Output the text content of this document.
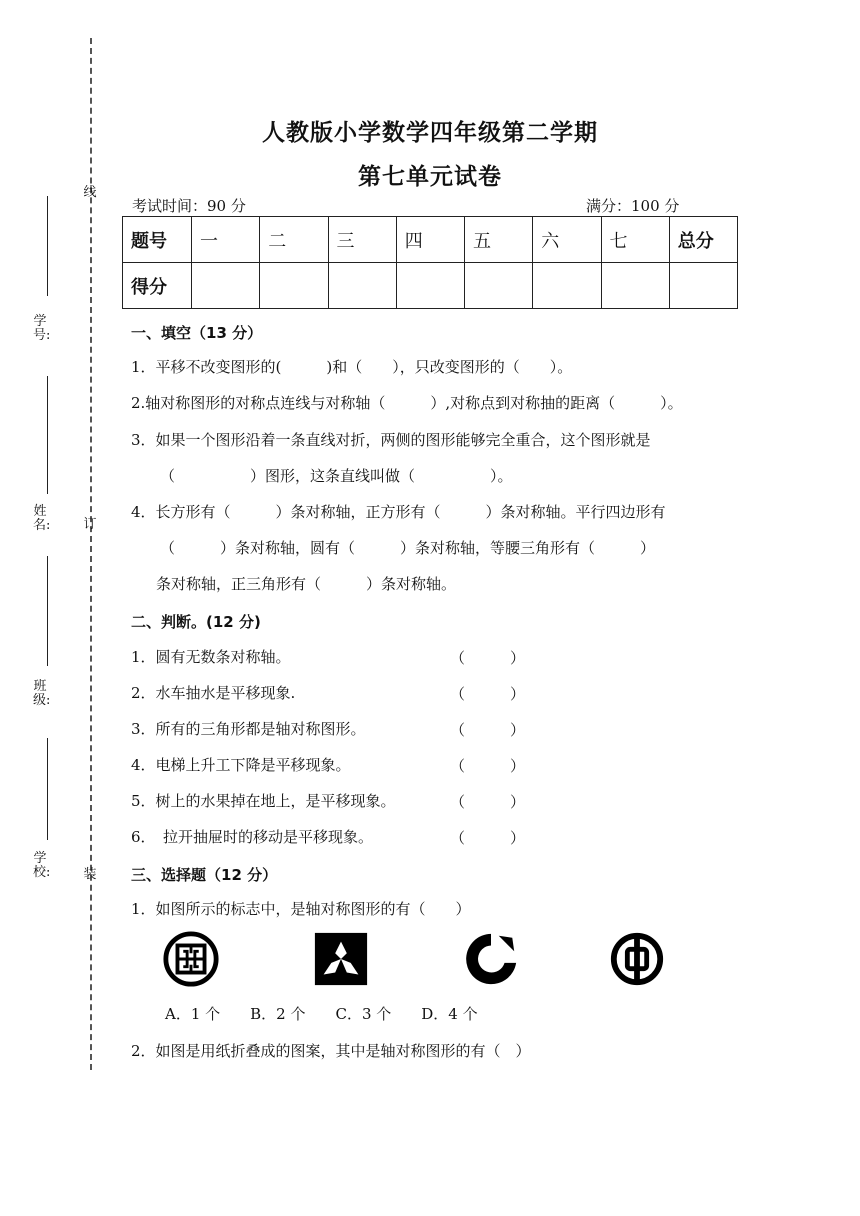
线
订
装
学号:
姓名:
班级:
学校:
人教版小学数学四年级第二学期
第七单元试卷
考试时间：90 分	满分：100 分
题号	一	二	三	四	五	六	七	总分
得分								
一、填空（13 分）
1．平移不改变图形的(　　　)和（　　），只改变图形的（　　）。
2.轴对称图形的对称点连线与对称轴（　　　）,对称点到对称抽的距离（　　　）。
3．如果一个图形沿着一条直线对折，两侧的图形能够完全重合，这个图形就是
（　　　　　）图形，这条直线叫做（　　　　　）。
4．长方形有（　　　）条对称轴，正方形有（　　　）条对称轴。平行四边形有
（　　　）条对称轴，圆有（　　　）条对称轴，等腰三角形有（　　　）
条对称轴，正三角形有（　　　）条对称轴。
二、判断。(12 分)
1．圆有无数条对称轴。	（　　　）
2．水车抽水是平移现象.	（　　　）
3．所有的三角形都是轴对称图形。	（　　　）
4．电梯上升工下降是平移现象。	（　　　）
5．树上的水果掉在地上，是平移现象。	（　　　）
6．　拉开抽屉时的移动是平移现象。	（　　　）
三、选择题（12 分）
1．如图所示的标志中，是轴对称图形的有（　　）
A．1 个　　B．2 个　　C．3 个　　D．4 个
2．如图是用纸折叠成的图案，其中是轴对称图形的有（　）
